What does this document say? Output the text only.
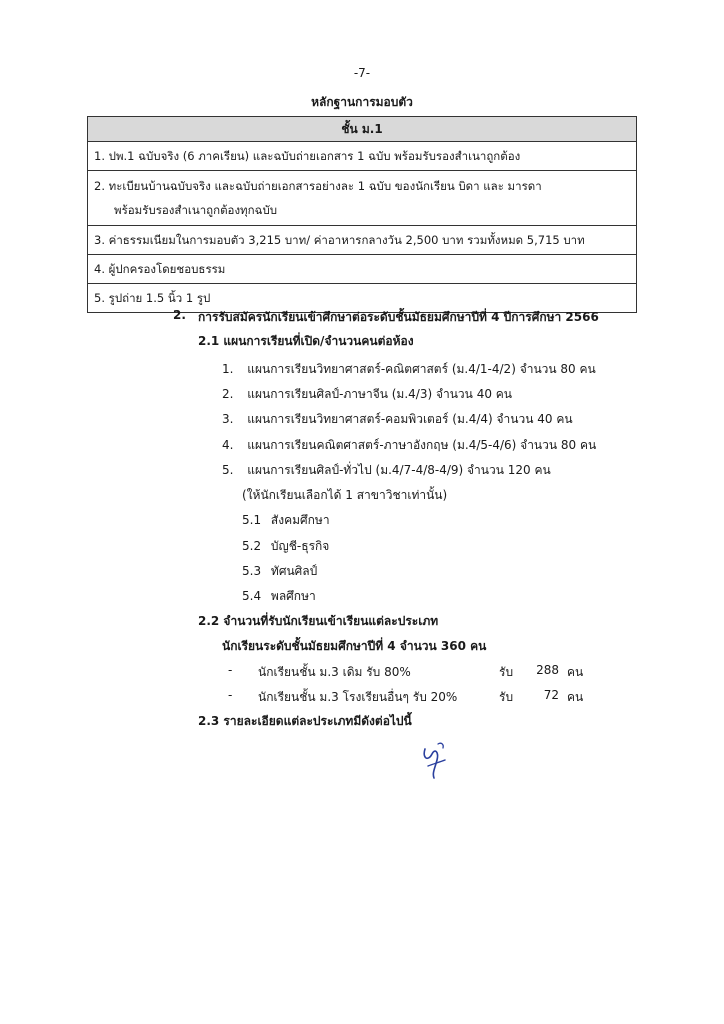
-7-
หลักฐานการมอบตัว
ชั้น ม.1
1. ปพ.1 ฉบับจริง (6 ภาคเรียน) และฉบับถ่ายเอกสาร 1 ฉบับ พร้อมรับรองสำเนาถูกต้อง
2. ทะเบียนบ้านฉบับจริง และฉบับถ่ายเอกสารอย่างละ 1 ฉบับ ของนักเรียน บิดา และ มารดา
พร้อมรับรองสำเนาถูกต้องทุกฉบับ
3. ค่าธรรมเนียมในการมอบตัว 3,215 บาท/ ค่าอาหารกลางวัน 2,500 บาท รวมทั้งหมด 5,715 บาท
4. ผู้ปกครองโดยชอบธรรม
5. รูปถ่าย 1.5 นิ้ว 1 รูป
2. การรับสมัครนักเรียนเข้าศึกษาต่อระดับชั้นมัธยมศึกษาปีที่ 4 ปีการศึกษา 2566
2.1 แผนการเรียนที่เปิด/จำนวนคนต่อห้อง
1. แผนการเรียนวิทยาศาสตร์-คณิตศาสตร์ (ม.4/1-4/2) จำนวน 80 คน
2. แผนการเรียนศิลป์-ภาษาจีน (ม.4/3) จำนวน 40 คน
3. แผนการเรียนวิทยาศาสตร์-คอมพิวเตอร์ (ม.4/4) จำนวน 40 คน
4. แผนการเรียนคณิตศาสตร์-ภาษาอังกฤษ (ม.4/5-4/6) จำนวน 80 คน
5. แผนการเรียนศิลป์-ทั่วไป (ม.4/7-4/8-4/9) จำนวน 120 คน
(ให้นักเรียนเลือกได้ 1 สาขาวิชาเท่านั้น)
5.1 สังคมศึกษา
5.2 บัญชี-ธุรกิจ
5.3 ทัศนศิลป์
5.4 พลศึกษา
2.2 จำนวนที่รับนักเรียนเข้าเรียนแต่ละประเภท
นักเรียนระดับชั้นมัธยมศึกษาปีที่ 4 จำนวน 360 คน
- นักเรียนชั้น ม.3 เดิม รับ 80%	รับ	288 คน
- นักเรียนชั้น ม.3 โรงเรียนอื่นๆ รับ 20%	รับ	72 คน
2.3 รายละเอียดแต่ละประเภทมีดังต่อไปนี้
